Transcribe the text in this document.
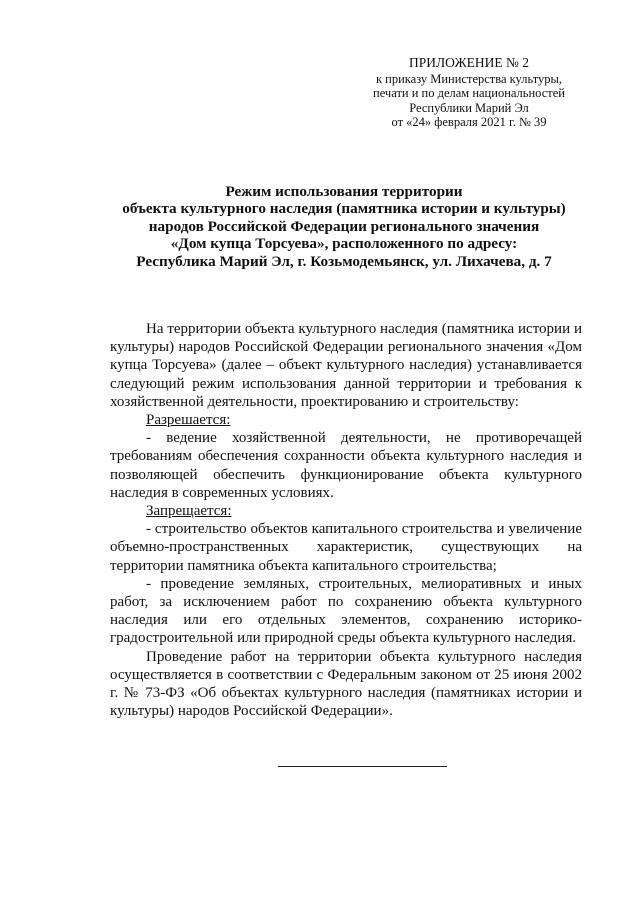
ПРИЛОЖЕНИЕ № 2
к приказу Министерства культуры,
печати и по делам национальностей
Республики Марий Эл
от «24» февраля 2021 г. № 39
Режим использования территории
объекта культурного наследия (памятника истории и культуры)
народов Российской Федерации регионального значения
«Дом купца Торсуева», расположенного по адресу:
Республика Марий Эл, г. Козьмодемьянск, ул. Лихачева, д. 7

На территории объекта культурного наследия (памятника истории и культуры) народов Российской Федерации регионального значения «Дом купца Торсуева» (далее – объект культурного наследия) устанавливается следующий режим использования данной территории и требования к хозяйственной деятельности, проектированию и строительству:

Разрешается:

- ведение хозяйственной деятельности, не противоречащей требованиям обеспечения сохранности объекта культурного наследия и позволяющей обеспечить функционирование объекта культурного наследия в современных условиях.

Запрещается:

- строительство объектов капитального строительства и увеличение объемно-пространственных характеристик, существующих на территории памятника объекта капитального строительства;

- проведение земляных, строительных, мелиоративных и иных работ, за исключением работ по сохранению объекта культурного наследия или его отдельных элементов, сохранению историко-градостроительной или природной среды объекта культурного наследия.

Проведение работ на территории объекта культурного наследия осуществляется в соответствии с Федеральным законом от 25 июня 2002 г. № 73-ФЗ «Об объектах культурного наследия (памятниках истории и культуры) народов Российской Федерации».
